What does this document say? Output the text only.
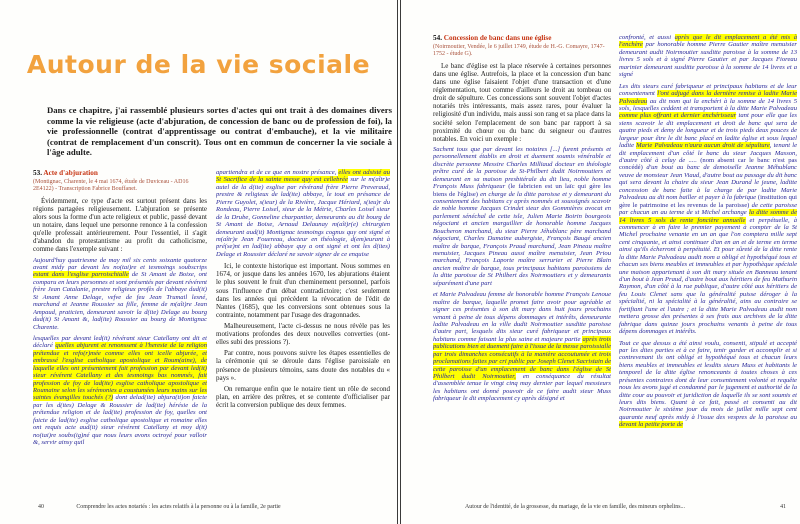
Autour de la vie sociale

Dans ce chapitre, j'ai rassemblé plusieurs sortes d'actes qui ont trait à des domaines divers comme la vie religieuse (acte d'abjuration, de concession de banc ou de profession de foi), la vie professionnelle (contrat d'apprentissage ou contrat d'embauche), et la vie militaire (contrat de remplacement d'un conscrit). Tous ont en commun de concerner la vie sociale à l'âge adulte.

53. Acte d'abjuration

(Montignac, Charente, le 4 mai 1674, étude de Duviceau - AD16 2E4122) - Transcription Fabrice Bouffanet.

Évidemment, ce type d'acte est surtout présent dans les régions partagées religieusement. L'abjuration se présente alors sous la forme d'un acte religieux et public, passé devant un notaire, dans lequel une personne renonce à la confession qu'elle professait antérieurement. Pour l'essentiel, il s'agit d'abandon du protestantisme au profit du catholicisme, comme dans l'exemple suivant :

Aujourd'huy quatriesme de may mil six cents soixante quatorze avant midy par devant les no(tai)re et tesmoings soubscrips estant dans l'esglise parroischialle de St Amant de Boixe, ont comparu en leurs personnes et sont présentés par devant révérent frère Jean Catalanie, prestre religieux profès de l'abbaye dud(it) St Amant Anne Delage, vefve de feu Jean Trumail lesné, marchand et Jeanne Roussier sa fille, femme de m(aît)re Jean Ampaud, praticien, demeurant savoir la d(ite) Delage au bourg dud(it) St Amant &, lad(ite) Roussier au bourg de Montignac Charente.

lesquelles par devant led(it) révérant sieur Catellany ont dit et déclaré quelles abjurent et renonssent à l'heresie de la religion prétendue et refo(r)mée comme elles ont icelle abjurée, et embrassé l'esglise catholique apostolique et Roum(aine), de laquelle elles ont présentement fait profession par devant led(it) sieur révérent Catellany et des tesmoings bas nommés, fait profession de foy de lad(ite) esglise catholique apostolique et Roumaine selon les sérémonies a coustumées leurs mains sur les saintes évangilles touchés (?) dont delad(ite) abjura(ti)on faicte par les d(ites) Delage & Roussier de lad(ite) hérésie de la prétendue religion et de lad(ite) profession de foy, quelles ont faicte de lad(ite) esglise catholique apostolique et romaine elles ont requis acte aud(it) sieur révérent Catellany et moy d(it) no(tai)re soubs(ig)né que nous leurs avons octroyé pour valloir &, servir ainsy quil

apartiendra et de ce que en nostre présance, elles ont adsisté au St Sacrifice de la sainte messe quy est cellebrée sur le m(aîtr)e autel de la d(ite) esglise par révérand frère Pierre Preveraud, prestre & religieux de lad(ite) abbaye, le tout en présance de Pierre Guyolet, s(ieur) de la Rivière, Jacque Hériard, s(ieu)r du Rondeau, Pierre Loisel, sieur de la Métrie, Charles Loisel sieur de la Drube, Gonneline charpantier, demeurants au dit bourg de St Amant de Boixe, Arnaud Delaunay m(aît)r(e) chirurgien demeurant aud(it) Montignac tesmoings cognus quy ont signé et m(aîtr)e Jean Fouereau, docteur en théologie, d(em)eurant à pré(se)nt en lad(ite) abbaye quy a ont signé et ont les d(ites) Delage et Roussier déclaré ne savoir signer de ce enquise

Ici, le contexte historique est important. Nous sommes en 1674, or jusque dans les années 1670, les abjurations étaient le plus souvent le fruit d'un cheminement personnel, parfois sous l'influence d'un débat contradictoire; c'est seulement dans les années qui précèdent la révocation de l'édit de Nantes (1685), que les conversions sont obtenues sous la contrainte, notamment par l'usage des dragonnades.

Malheureusement, l'acte ci-dessus ne nous révèle pas les motivations profondes des deux nouvelles converties (ont-elles subi des pressions ?).

Par contre, nous pouvons suivre les étapes essentielles de la cérémonie qui se déroule dans l'église paroissiale en présence de plusieurs témoins, sans doute des notables du « pays ».

On remarque enfin que le notaire tient un rôle de second plan, en arrière des prêtres, et se contente d'officialiser par écrit la conversion publique des deux femmes.

40	Comprendre les actes notariés : les actes relatifs à la personne ou à la famille, 2e partie

54. Concession de banc dans une église

(Noirmoutier, Vendée, le 6 juillet 1749, étude de H.-G. Comayre, 1747-1752 - étude G).

Le banc d'église est la place réservée à certaines personnes dans une église. Autrefois, la place et la concession d'un banc dans une église faisaient l'objet d'une transaction et d'une réglementation, tout comme d'ailleurs le droit au tombeau ou droit de sépulture. Ces concessions sont souvent l'objet d'actes notariés très intéressants, mais assez rares, pour évaluer la religiosité d'un individu, mais aussi son rang et sa place dans la société selon l'emplacement de son banc par rapport à sa proximité du chœur ou du banc du seigneur ou d'autres notables. En voici un exemple :

Sachent tous que par devant les notaires [...] furent présents et personnellement établis en droit et duement soumis vénérable et discrète personne Messire Charles Milliaud docteur en théologie prêtre curé de la paroisse de St-Philbert dudit Noirmoutiers et demeurant en sa maison presbitérale du dit lieu, noble homme François Muss fabriqueur (le fabricien est un laïc qui gère les biens de l'église) en charge de la ditte paroisse et y demeurant du consentement des habitans cy après nommés et soussignés scavoir de noble homme Jacques Crindet sieur des Gommières avocat en parlement sénéchal de cette isle, Julien Marie Boirin bourgeois négociant et ancien marguillier de honorable homme Jacques Boucheron marchand, du sieur Pierre Jéhublanc père marchand négociant, Charles Dumaine aubergiste, François Baugé ancien maître de barque, François Praud marchand, Jean Pineau maître menuisier, Jacques Pineau aussi maître menuisier, Jean Priou marchand, François Laporte maître serrurier et Pierre Blain ancien maître de barque, tous principaux habitans paroissiens de la ditte paroisse de St Philbert des Noirmoutiers et y demeurants séparément d'une part

et Marie Palvadeau femme de honorable homme François Lenoue maître de barque, laquelle promet faire avoir pour agréable et signer ces présentes à son dit mary dans huit jours prochains venant à peine de tous dépens dommages et intérêts, demeurante ladite Palvadeau en la ville dudit Noirmoutier susditte paroisse d'autre part, lesquels dits sieur curé fabriqueur et principaux habitans comme faisant la plus saine et majeure partie après trois publications bien et duement faire à l'issue de la messe paroissialle par trois dimanches consécutifs à la manière accoutumée et trois proclamations faites par cri public par Joseph Clenet Sacristain de cette paroisse d'un emplacement de banc dans l'église de St Philbert dudit Noirmoutier, en conséquance du résultat d'assemblée tenue le vingt cinq may dernier par lequel messieurs les habitans ont donné pouvoir de ce faire audit sieur Muss fabriqueur le dit emplacement cy après désigné et

confronté, et aussi après que le dit emplacement a été mis à l'enchère par honorable homme Pierre Gautier maître menuisier demeurant audit Noirmoutier susditte paroisse à la somme de 13 livres 5 sols et à signé Pierre Gautier et par Jacques Fioreau marinier demeurant susditte paroisse à la somme de 14 livres et a signé

Les dits sieurs curé fabriqueur et principaux habitans et de leur consentement l'ont adjugé dans la dernière remise à ladite Marie Palvadeau au dit nom qui la enchéri à la somme de 14 livres 5 sols, lesquelles ceddent et transportent à la ditte Marie Palvadeau comme plus offrant et dernier enchérisseur tant pour elle que les siens scavoir le dit emplacement et droit de banc qui sera de quatre pieds et demy de longueur et de trois pieds deux pouces de largeur pour être le dit banc placé en ladite église et sous lequel ladite Marie Palvadeau n'aura aucun droit de sépulture, tenant le dit emplacement d'un côté le banc du sieur Jacques Masson, d'autre côté à celuy de ..... (nom absent car le banc n'est pas concédé) d'un bout au banc de demoiselle Jeanne Méhublanc veuve de monsieur Jean Viaud, d'autre bout au passage du dit banc qui sera devant la chaire du sieur Jean Durand le jeune, laditte concession de banc faite à la charge de par ladite Marie Palvadeau au dit nom bailler et payer à la fabrique (institution qui gère le patrimoine et les revenus de la paroisse) de cette paroisse par chacun an au terme de st Michel archange la ditte somme de 14 livres 5 sols de rente foncière annuelle et perpétuelle, à commencer à en faire le premier payement à compter de la St Michel prochaine venante en un an que l'on comptera mille sept cent cinquante, et ainsi continuer d'an en an et de terme en terme ainsi qu'ils écherront à perpétuité. Et pour sûreté de la ditte rente la ditte Marie Palvadeau audit nom a obligé et hypothéqué tous et chacun ses biens meubles et immeubles et par hypothèque spéciale une maison appartenant à son dit mary située en Banneau tenant d'un bout à Jean Praud, d'autre bout aux héritiers de feu Mathurin Raymon, d'un côté à la rue publique, d'autre côté aux héritiers de feu Louis Clenet sans que la généralité puisse déroger à la spécialité, ni la spécialité à la généralité, ains au contraire se fortifiant l'une et l'autre ; et la ditte Marie Palvadeau audit nom mettera grosse des présentes à ses frais aux archives de la ditte fabrique dans quinze jours prochains venants à peine de tous dépens dommages et intérêts.

Tout ce que dessus a été ainsi voulu, consenti, stipulé et accepté par les dites parties et à ce faire, tenir garder et accomplir et si contrevenant ils ont obligé et hypothéqué tous et chacun leurs biens meubles et immeubles et lesdits sieurs Muss et habitants le temporel de la ditte église renonceants à toutes choses à ces présentes contraires dont de leur consentement volonté et requête nous les avons jugé et condamné par le jugement et authorité de la ditte cour au pouvoir et juridiction de laquelle ils se sont soumis et leurs dits biens. Quant à ce fait, passé et consenti au dit Noirmoutier le sixième jour du mois de juillet mille sept cent quarante neuf après midy à l'issue des vespres de la paroisse au devant la petite porte de

Autour de l'identité, de la grossesse, du mariage, de la vie en famille, des mineurs orphelins...	41
